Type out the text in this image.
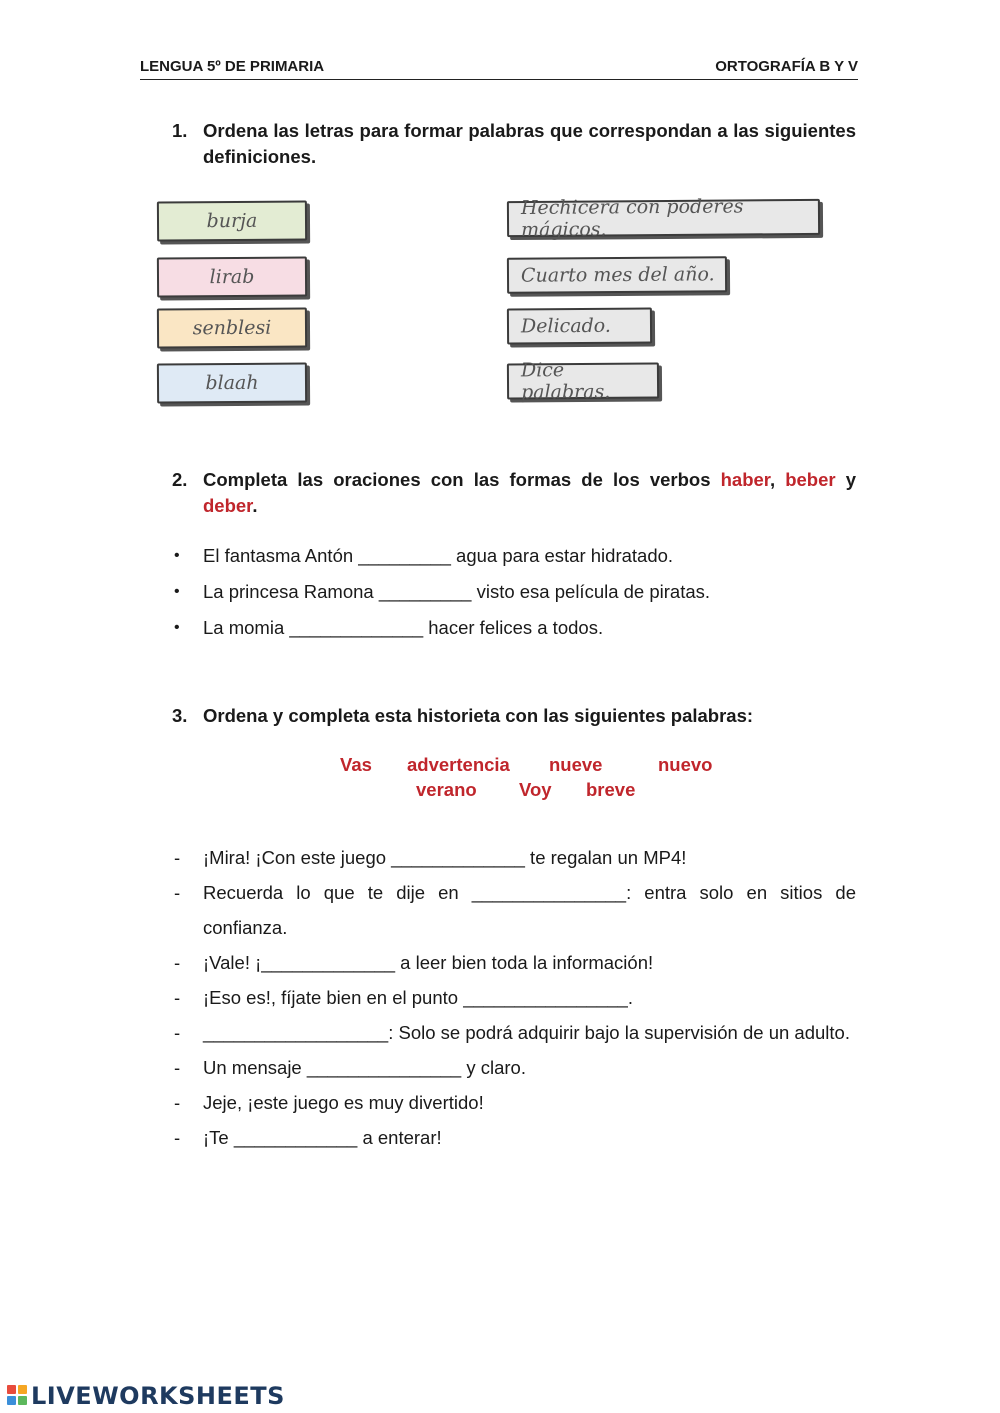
LENGUA 5º DE PRIMARIA	ORTOGRAFÍA B Y V
1. Ordena las letras para formar palabras que correspondan a las siguientes definiciones.
burja
lirab
senblesi
blaah
Hechicera con poderes mágicos.
Cuarto mes del año.
Delicado.
Dice palabras.
2. Completa las oraciones con las formas de los verbos haber, beber y deber.
• El fantasma Antón _________ agua para estar hidratado.
• La princesa Ramona _________ visto esa película de piratas.
• La momia _____________ hacer felices a todos.
3. Ordena y completa esta historieta con las siguientes palabras:
Vas advertencia nueve	nuevo
verano Voy breve
- ¡Mira! ¡Con este juego _____________ te regalan un MP4!
- Recuerda lo que te dije en _______________: entra solo en sitios de confianza.
- ¡Vale! ¡_____________ a leer bien toda la información!
- ¡Eso es!, fíjate bien en el punto ________________.
- __________________: Solo se podrá adquirir bajo la supervisión de un adulto.
- Un mensaje _______________ y claro.
- Jeje, ¡este juego es muy divertido!
- ¡Te ____________ a enterar!
LIVEWORKSHEETS
